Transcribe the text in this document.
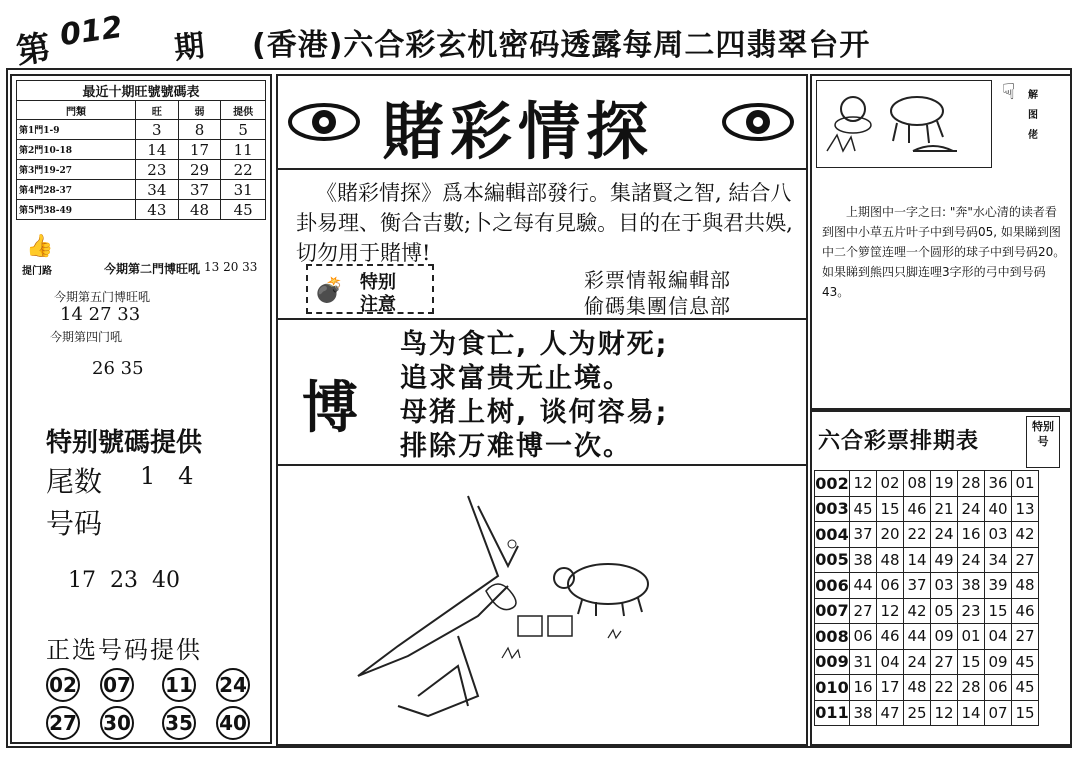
第 012 期 (香港)六合彩玄机密码透露每周二四翡翠台开
最近十期旺號號碼表			
門類	旺	弱	提供
第1門1-9	3	8	5
第2門10-18	14	17	11
第3門19-27	23	29	22
第4門28-37	34	37	31
第5門38-49	43	48	45
👍
提门路	今期第二門博旺吼 13 20 33
今期第五门博旺吼
14 27 33
今期第四门吼
26 35
特别號碼提供
尾数 1   4
号码
17  23  40
正选号码提供
02 07 11 24
27 30 35 40
賭彩情探
《賭彩情探》爲本編輯部發行。集諸賢之智, 結合八卦易理、衡合吉數;卜之每有見驗。目的在于與君共娛, 切勿用于賭博!
💣 特别
注意
彩票情報編輯部
偷碼集團信息部
博
鸟为食亡, 人为财死;
追求富贵无止境。
母猪上树, 谈何容易;
排除万难博一次。
☟	解图佬
上期图中一字之曰: "奔"水心清的读者看到图中小草五片叶子中到号码05, 如果睇到图中二个箩筐连哩一个圆形的球子中到号码20。如果睇到熊四只脚连哩3字形的弓中到号码43。
六合彩票排期表
特别号
002	12	02	08	19	28	36	01
003	45	15	46	21	24	40	13
004	37	20	22	24	16	03	42
005	38	48	14	49	24	34	27
006	44	06	37	03	38	39	48
007	27	12	42	05	23	15	46
008	06	46	44	09	01	04	27
009	31	04	24	27	15	09	45
010	16	17	48	22	28	06	45
011	38	47	25	12	14	07	15
